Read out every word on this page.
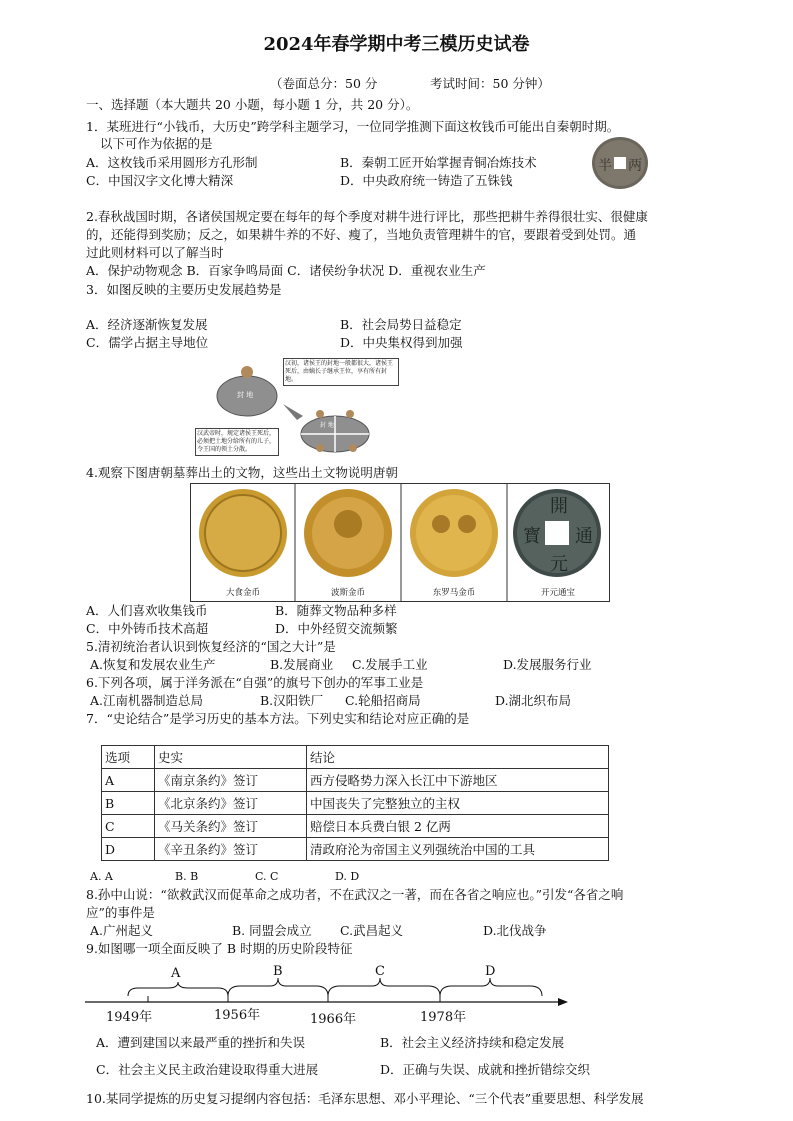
2024年春学期中考三模历史试卷
（卷面总分：50 分	考试时间：50 分钟）
一、选择题（本大题共 20 小题，每小题 1 分，共 20 分）。
1．某班进行“小钱币，大历史”跨学科主题学习，一位同学推测下面这枚钱币可能出自秦朝时期。
以下可作为依据的是
A．这枚钱币采用圆形方孔形制	B．秦朝工匠开始掌握青铜冶炼技术
C．中国汉字文化博大精深	D．中央政府统一铸造了五铢钱
半 两
2.春秋战国时期，各诸侯国规定要在每年的每个季度对耕牛进行评比，那些把耕牛养得很壮实、很健康
的，还能得到奖励；反之，如果耕牛养的不好、瘦了，当地负责管理耕牛的官，要跟着受到处罚。通
过此则材料可以了解当时
A．保护动物观念 B．百家争鸣局面 C．诸侯纷争状况 D．重视农业生产
3．如图反映的主要历史发展趋势是
A．经济逐渐恢复发展	B．社会局势日益稳定
C．儒学占据主导地位	D．中央集权得到加强
汉初，诸侯王的封地一般都很大，诸侯王死后，由嫡长子继承王位，享有所有封地。
封 地
封 地
汉武帝时，规定诸侯王死后，必须把土地分给所有的儿子，令王国的领土分散。
4.观察下图唐朝墓葬出土的文物，这些出土文物说明唐朝
開
元
通
寳
大食金币	波斯金币	东罗马金币	开元通宝
A．人们喜欢收集钱币	B．随葬文物品种多样
C．中外铸币技术高超	D．中外经贸交流频繁
5.清初统治者认识到恢复经济的“国之大计”是
A.恢复和发展农业生产	B.发展商业 C.发展手工业	D.发展服务行业
6.下列各项，属于洋务派在“自强”的旗号下创办的军事工业是
A.江南机器制造总局	B.汉阳铁厂 C.轮船招商局	D.湖北织布局
7．“史论结合”是学习历史的基本方法。下列史实和结论对应正确的是
选项	史实	结论
A	《南京条约》签订	西方侵略势力深入长江中下游地区
B	《北京条约》签订	中国丧失了完整独立的主权
C	《马关条约》签订	赔偿日本兵费白银 2 亿两
D	《辛丑条约》签订	清政府沦为帝国主义列强统治中国的工具
A. A	B. B	C. C	D. D
8.孙中山说：“欲救武汉而促革命之成功者，不在武汉之一著，而在各省之响应也。”引发“各省之响
应”的事件是
A.广州起义	B. 同盟会成立 C.武昌起义	D.北伐战争
9.如图哪一项全面反映了 B 时期的历史阶段特征
A	B	C	D
1949年	1956年	1966年	1978年
A．遭到建国以来最严重的挫折和失误	B．社会主义经济持续和稳定发展
C．社会主义民主政治建设取得重大进展	D．正确与失误、成就和挫折错综交织
10.某同学提炼的历史复习提纲内容包括：毛泽东思想、邓小平理论、“三个代表”重要思想、科学发展
